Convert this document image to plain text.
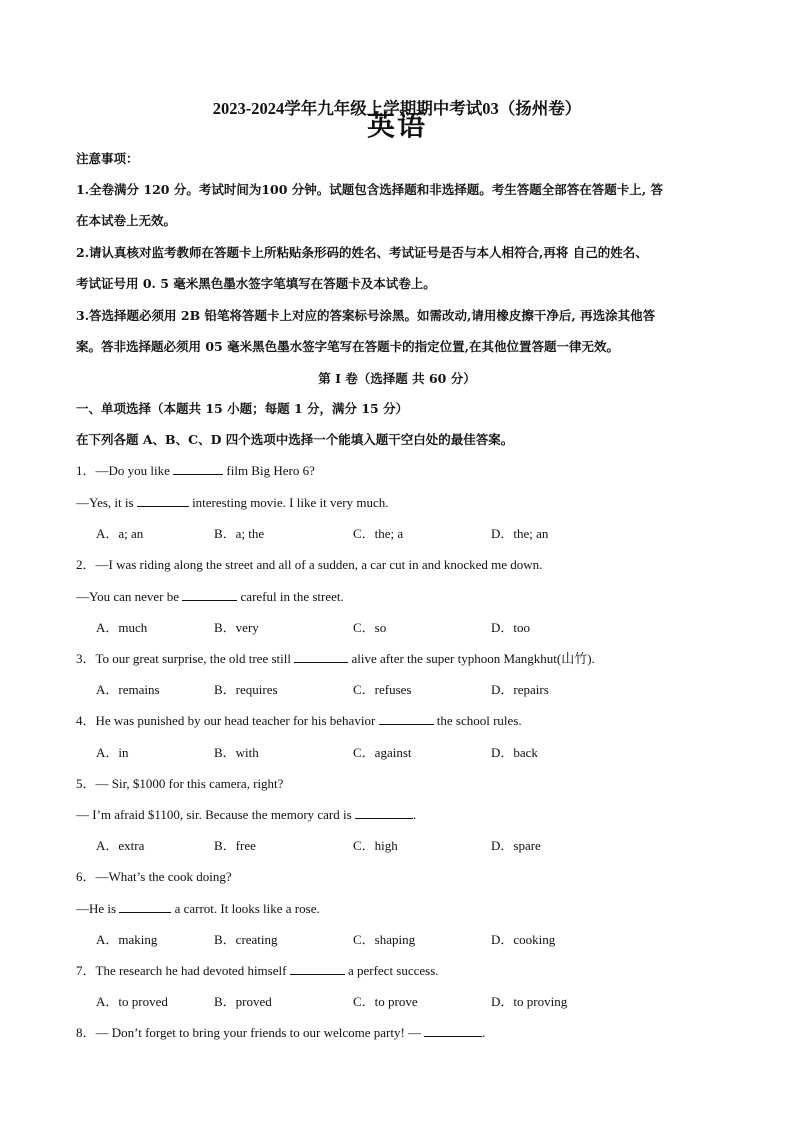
2023-2024学年九年级上学期期中考试03（扬州卷）
英语
注意事项：
1.全卷满分 120 分。考试时间为100 分钟。试题包含选择题和非选择题。考生答题全部答在答题卡上, 答
在本试卷上无效。
2.请认真核对监考教师在答题卡上所粘贴条形码的姓名、考试证号是否与本人相符合,再将 自己的姓名、
考试证号用 0. 5 毫米黑色墨水签字笔填写在答题卡及本试卷上。
3.答选择题必须用 2B 铅笔将答题卡上对应的答案标号涂黑。如需改动,请用橡皮擦干净后, 再选涂其他答
案。答非选择题必须用 05 毫米黑色墨水签字笔写在答题卡的指定位置,在其他位置答题一律无效。
第 I 卷（选择题 共 60 分）
一、单项选择（本题共 15 小题；每题 1 分，满分 15 分）
在下列各题 A、B、C、D 四个选项中选择一个能填入题干空白处的最佳答案。
1．—Do you like	film Big Hero 6?
—Yes, it is	interesting movie. I like it very much.
A．a; an	B．a; the	C．the; a	D．the; an
2．—I was riding along the street and all of a sudden, a car cut in and knocked me down.
—You can never be	careful in the street.
A．much	B．very	C．so	D．too
3．To our great surprise, the old tree still	alive after the super typhoon Mangkhut(山竹).
A．remains	B．requires	C．refuses	D．repairs
4．He was punished by our head teacher for his behavior	the school rules.
A．in	B．with	C．against	D．back
5．— Sir, $1000 for this camera, right?
— I’m afraid $1100, sir. Because the memory card is	.
A．extra	B．free	C．high	D．spare
6．—What’s the cook doing?
—He is	a carrot. It looks like a rose.
A．making	B．creating	C．shaping	D．cooking
7．The research he had devoted himself	a perfect success.
A．to proved	B．proved	C．to prove	D．to proving
8．— Don’t forget to bring your friends to our welcome party! —	.
